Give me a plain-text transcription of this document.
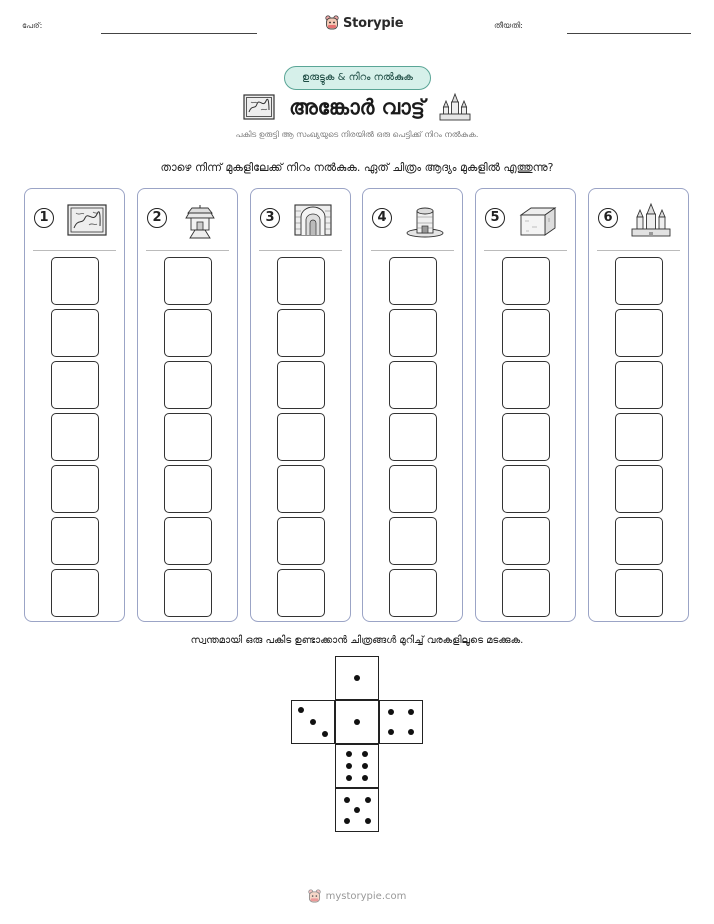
പേര്:	Storypie	തീയതി:
ഉരുട്ടുക & നിറം നൽകുക
അങ്കോർ വാട്ട്
പകിട ഉരുട്ടി ആ സംഖ്യയുടെ നിരയിൽ ഒരു പെട്ടിക്ക് നിറം നൽകുക.
താഴെ നിന്ന് മുകളിലേക്ക് നിറം നൽകുക. ഏത് ചിത്രം ആദ്യം മുകളിൽ എത്തുന്നു?
1	2	3	4	5	6
സ്വന്തമായി ഒരു പകിട ഉണ്ടാക്കാൻ ചിത്രങ്ങൾ മുറിച്ച് വരകളിലൂടെ മടക്കുക.
mystorypie.com
